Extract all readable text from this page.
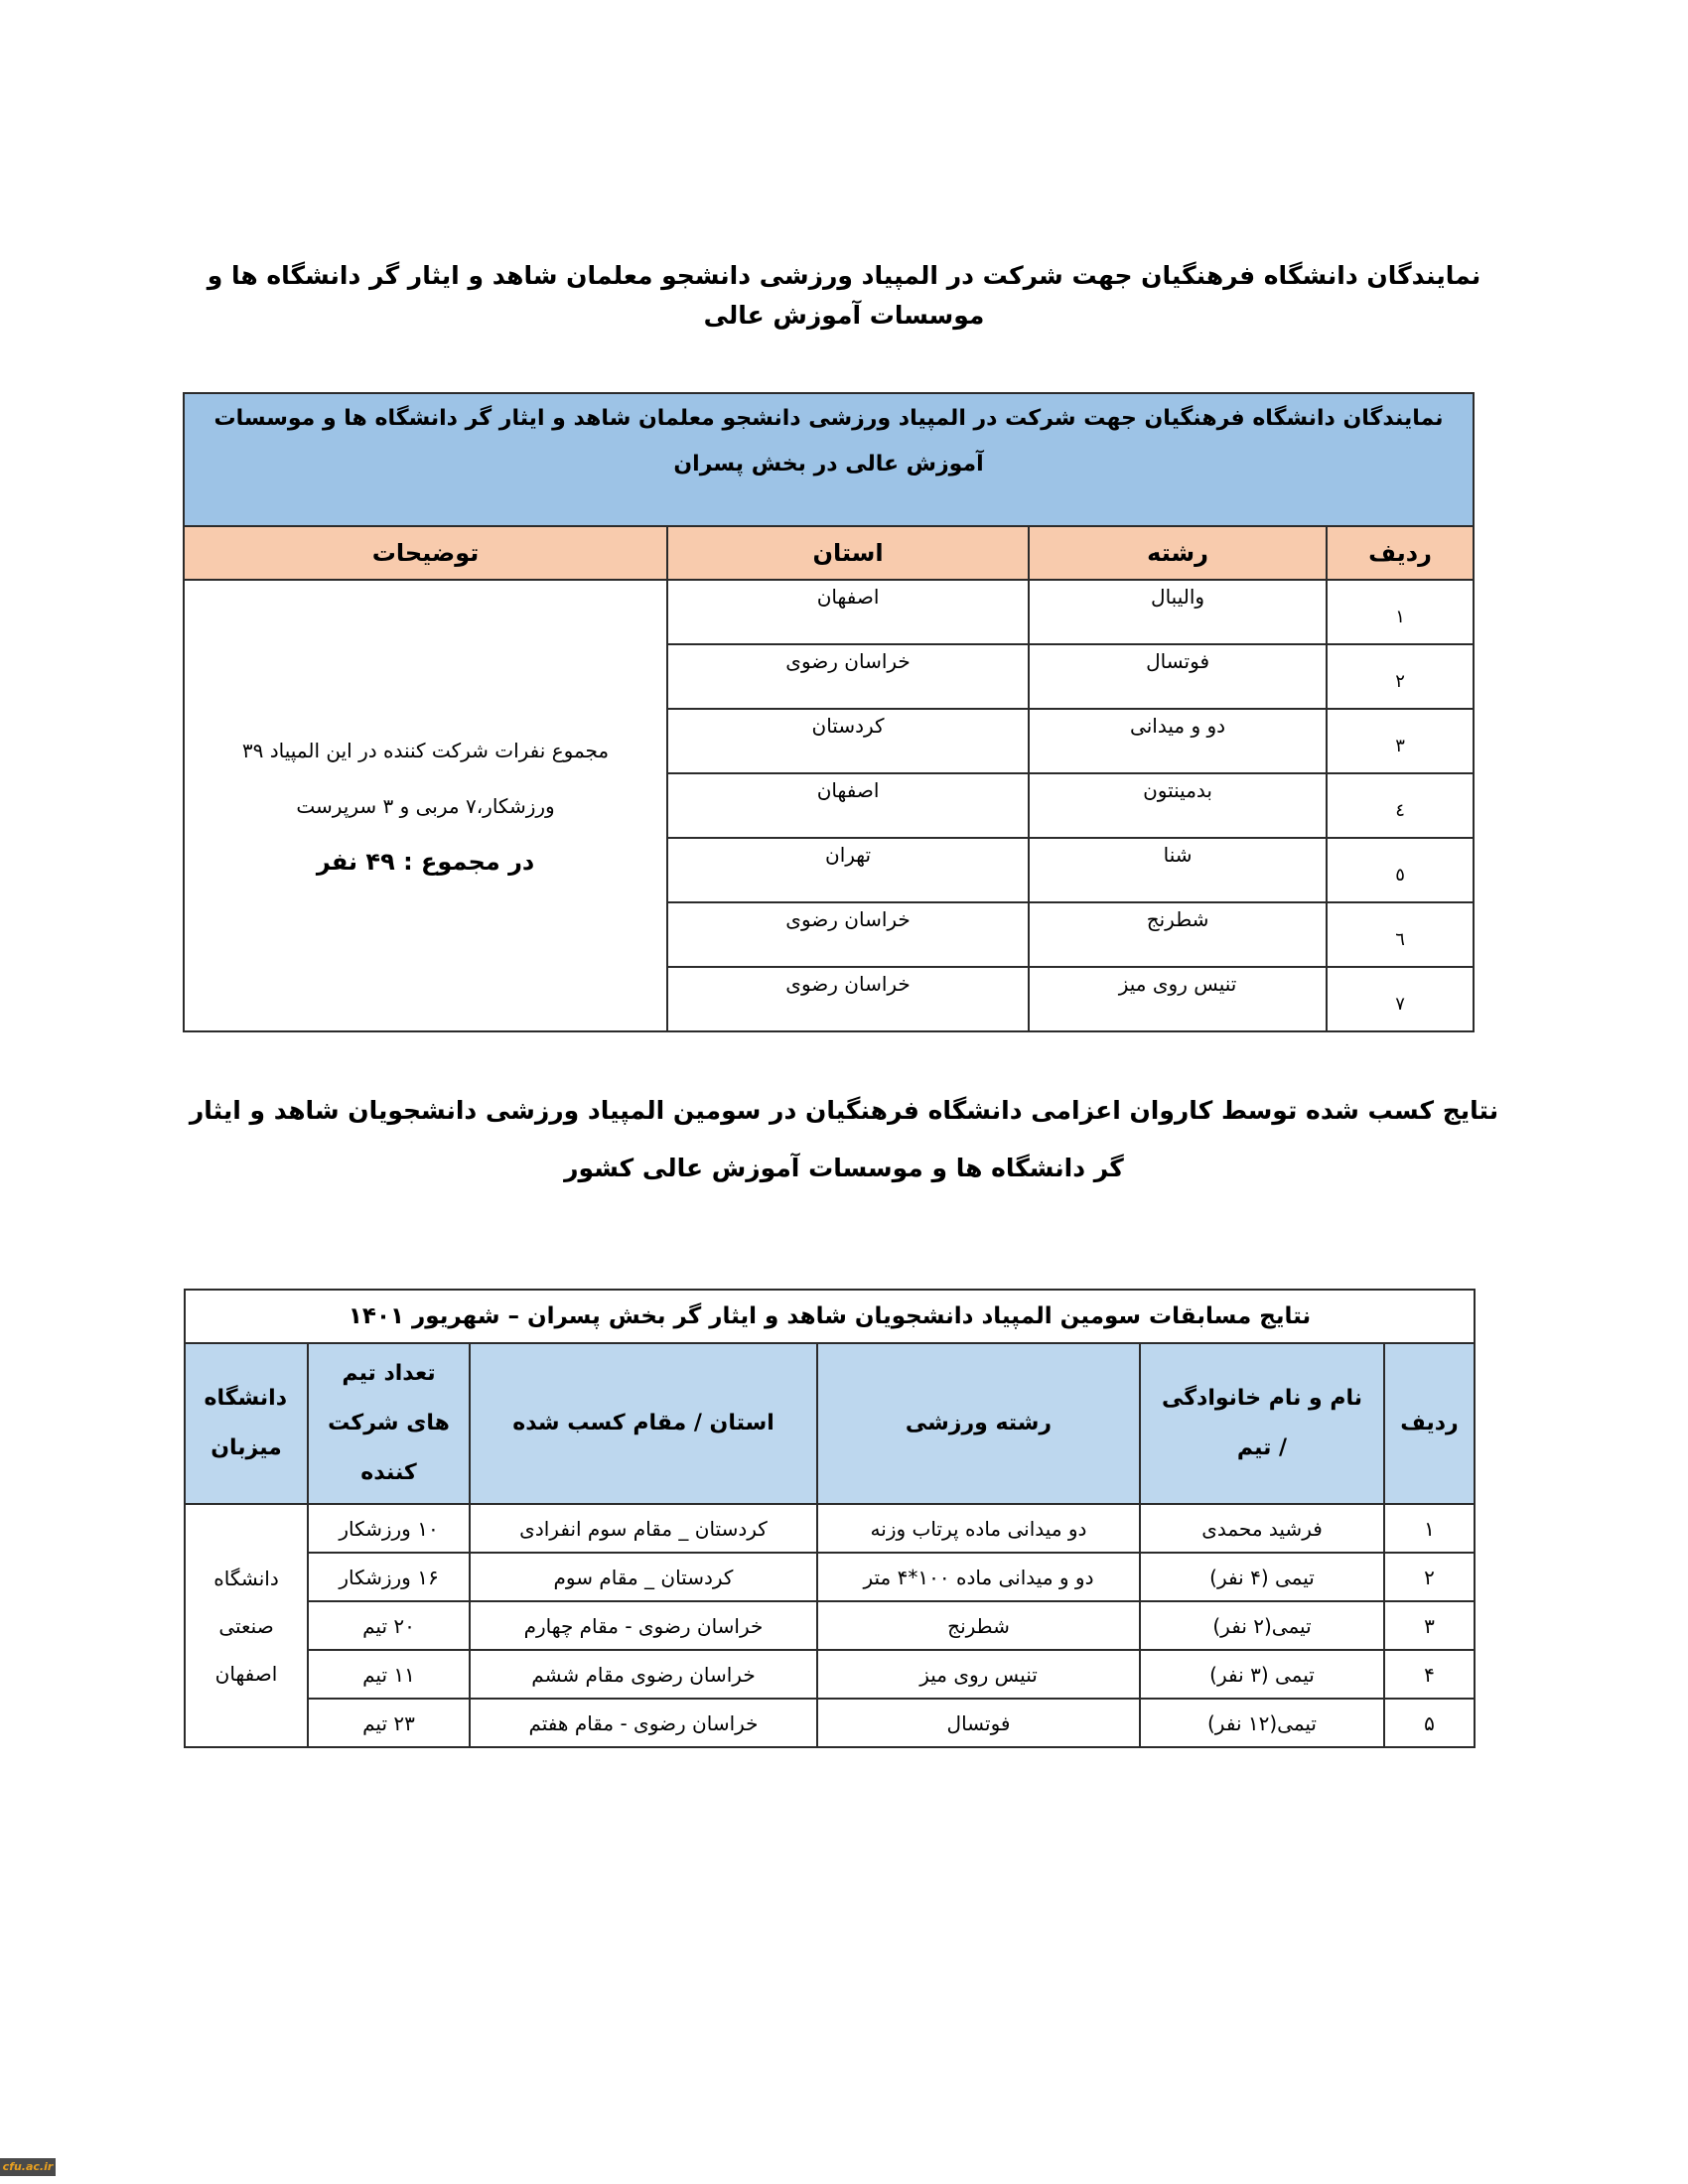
نمایندگان دانشگاه فرهنگیان جهت شرکت در المپیاد ورزشی دانشجو معلمان شاهد و ایثار گر دانشگاه ها و موسسات آموزش عالی
نمایندگان دانشگاه فرهنگیان جهت شرکت در المپیاد ورزشی دانشجو معلمان شاهد و ایثار گر دانشگاه ها و موسسات آموزش عالی در بخش پسران			
ردیف	رشته	استان	توضیحات
١	والیبال	اصفهان	مجموع نفرات شرکت کننده در این المپیاد ۳۹
ورزشکار،۷ مربی و ۳ سرپرست
در مجموع : ۴۹ نفر

٢	فوتسال	خراسان رضوی	
٣	دو و میدانی	کردستان	
٤	بدمینتون	اصفهان	
٥	شنا	تهران	
٦	شطرنج	خراسان رضوی	
٧	تنیس روی میز	خراسان رضوی	
نتایج کسب شده توسط کاروان اعزامی دانشگاه فرهنگیان در سومین المپیاد ورزشی دانشجویان شاهد و ایثار گر دانشگاه ها و موسسات آموزش عالی کشور
نتایج مسابقات سومین المپیاد دانشجویان شاهد و ایثار گر بخش پسران – شهریور ۱۴۰۱					
ردیف	نام و نام خانوادگی / تیم	رشته ورزشی	استان / مقام کسب شده	تعداد تیم های شرکت کننده	دانشگاه میزبان
۱	فرشید محمدی	دو میدانی ماده پرتاب وزنه	کردستان _ مقام سوم انفرادی	۱۰ ورزشکار	دانشگاه صنعتی اصفهان
۲	تیمی (۴ نفر)	دو و میدانی ماده ۱۰۰*۴ متر	کردستان _ مقام سوم	۱۶ ورزشکار	
۳	تیمی(۲ نفر)	شطرنج	خراسان رضوی - مقام چهارم	۲۰ تیم	
۴	تیمی (۳ نفر)	تنیس روی میز	خراسان رضوی مقام ششم	۱۱ تیم	
۵	تیمی(۱۲ نفر)	فوتسال	خراسان رضوی - مقام هفتم	۲۳ تیم	
cfu.ac.ir
